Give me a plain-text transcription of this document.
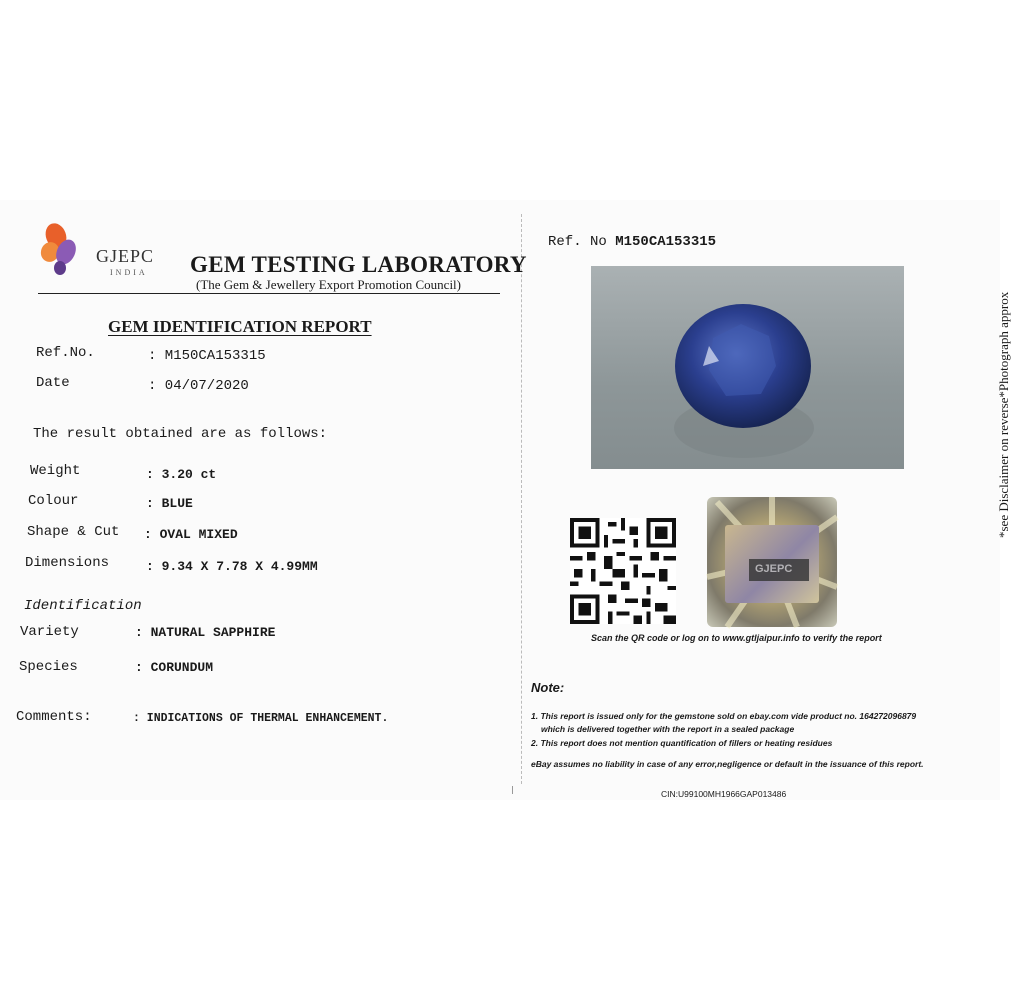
GJEPC
INDIA GEM TESTING LABORATORY
(The Gem & Jewellery Export Promotion Council)
GEM IDENTIFICATION REPORT
Ref.No.	: M150CA153315
Date	: 04/07/2020
The result obtained are as follows:
Weight	: 3.20 ct
Colour	: BLUE
Shape & Cut : OVAL MIXED
Dimensions	: 9.34 X 7.78 X 4.99MM
Identification
Variety	: NATURAL SAPPHIRE
Species	: CORUNDUM
Comments:	: INDICATIONS OF THERMAL ENHANCEMENT.
Ref. No M150CA153315
GJEPC
Scan the QR code or log on to www.gtljaipur.info to verify the report
Note:
1. This report is issued only for the gemstone sold on ebay.com vide product no. 164272096879
which is delivered together with the report in a sealed package
2. This report does not mention quantification of fillers or heating residues
eBay assumes no liability in case of any error,negligence or default in the issuance of this report.
CIN:U99100MH1966GAP013486
*see Disclaimer on reverse*Photograph approx
